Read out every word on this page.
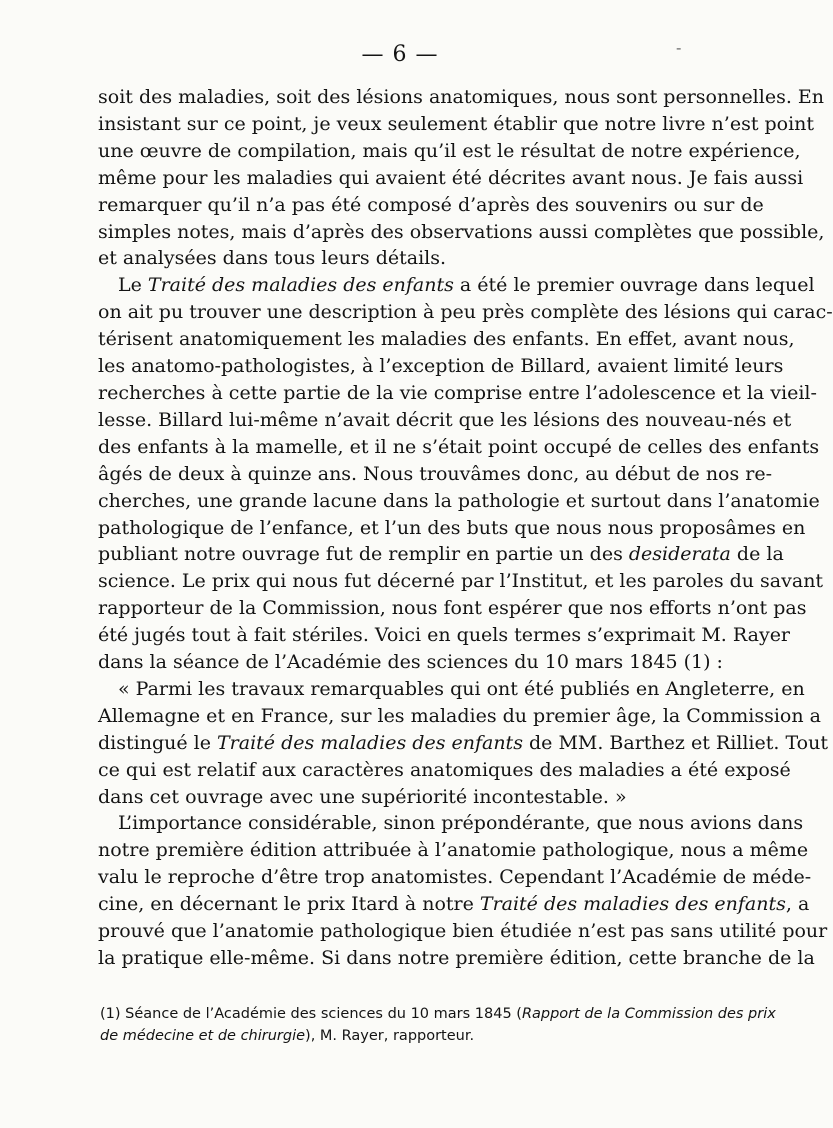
— 6 —	-
soit des maladies, soit des lésions anatomiques, nous sont personnelles. En
insistant sur ce point, je veux seulement établir que notre livre n’est point
une œuvre de compilation, mais qu’il est le résultat de notre expérience,
même pour les maladies qui avaient été décrites avant nous. Je fais aussi
remarquer qu’il n’a pas été composé d’après des souvenirs ou sur de
simples notes, mais d’après des observations aussi complètes que possible,
et analysées dans tous leurs détails.
Le Traité des maladies des enfants a été le premier ouvrage dans lequel
on ait pu trouver une description à peu près complète des lésions qui carac-
térisent anatomiquement les maladies des enfants. En effet, avant nous,
les anatomo-pathologistes, à l’exception de Billard, avaient limité leurs
recherches à cette partie de la vie comprise entre l’adolescence et la vieil-
lesse. Billard lui-même n’avait décrit que les lésions des nouveau-nés et
des enfants à la mamelle, et il ne s’était point occupé de celles des enfants
âgés de deux à quinze ans. Nous trouvâmes donc, au début de nos re-
cherches, une grande lacune dans la pathologie et surtout dans l’anatomie
pathologique de l’enfance, et l’un des buts que nous nous proposâmes en
publiant notre ouvrage fut de remplir en partie un des desiderata de la
science. Le prix qui nous fut décerné par l’Institut, et les paroles du savant
rapporteur de la Commission, nous font espérer que nos efforts n’ont pas
été jugés tout à fait stériles. Voici en quels termes s’exprimait M. Rayer
dans la séance de l’Académie des sciences du 10 mars 1845 (1) :
« Parmi les travaux remarquables qui ont été publiés en Angleterre, en
Allemagne et en France, sur les maladies du premier âge, la Commission a
distingué le Traité des maladies des enfants de MM. Barthez et Rilliet. Tout
ce qui est relatif aux caractères anatomiques des maladies a été exposé
dans cet ouvrage avec une supériorité incontestable. »
L’importance considérable, sinon prépondérante, que nous avions dans
notre première édition attribuée à l’anatomie pathologique, nous a même
valu le reproche d’être trop anatomistes. Cependant l’Académie de méde-
cine, en décernant le prix Itard à notre Traité des maladies des enfants, a
prouvé que l’anatomie pathologique bien étudiée n’est pas sans utilité pour
la pratique elle-même. Si dans notre première édition, cette branche de la
(1) Séance de l’Académie des sciences du 10 mars 1845 (Rapport de la Commission des prix
de médecine et de chirurgie), M. Rayer, rapporteur.
